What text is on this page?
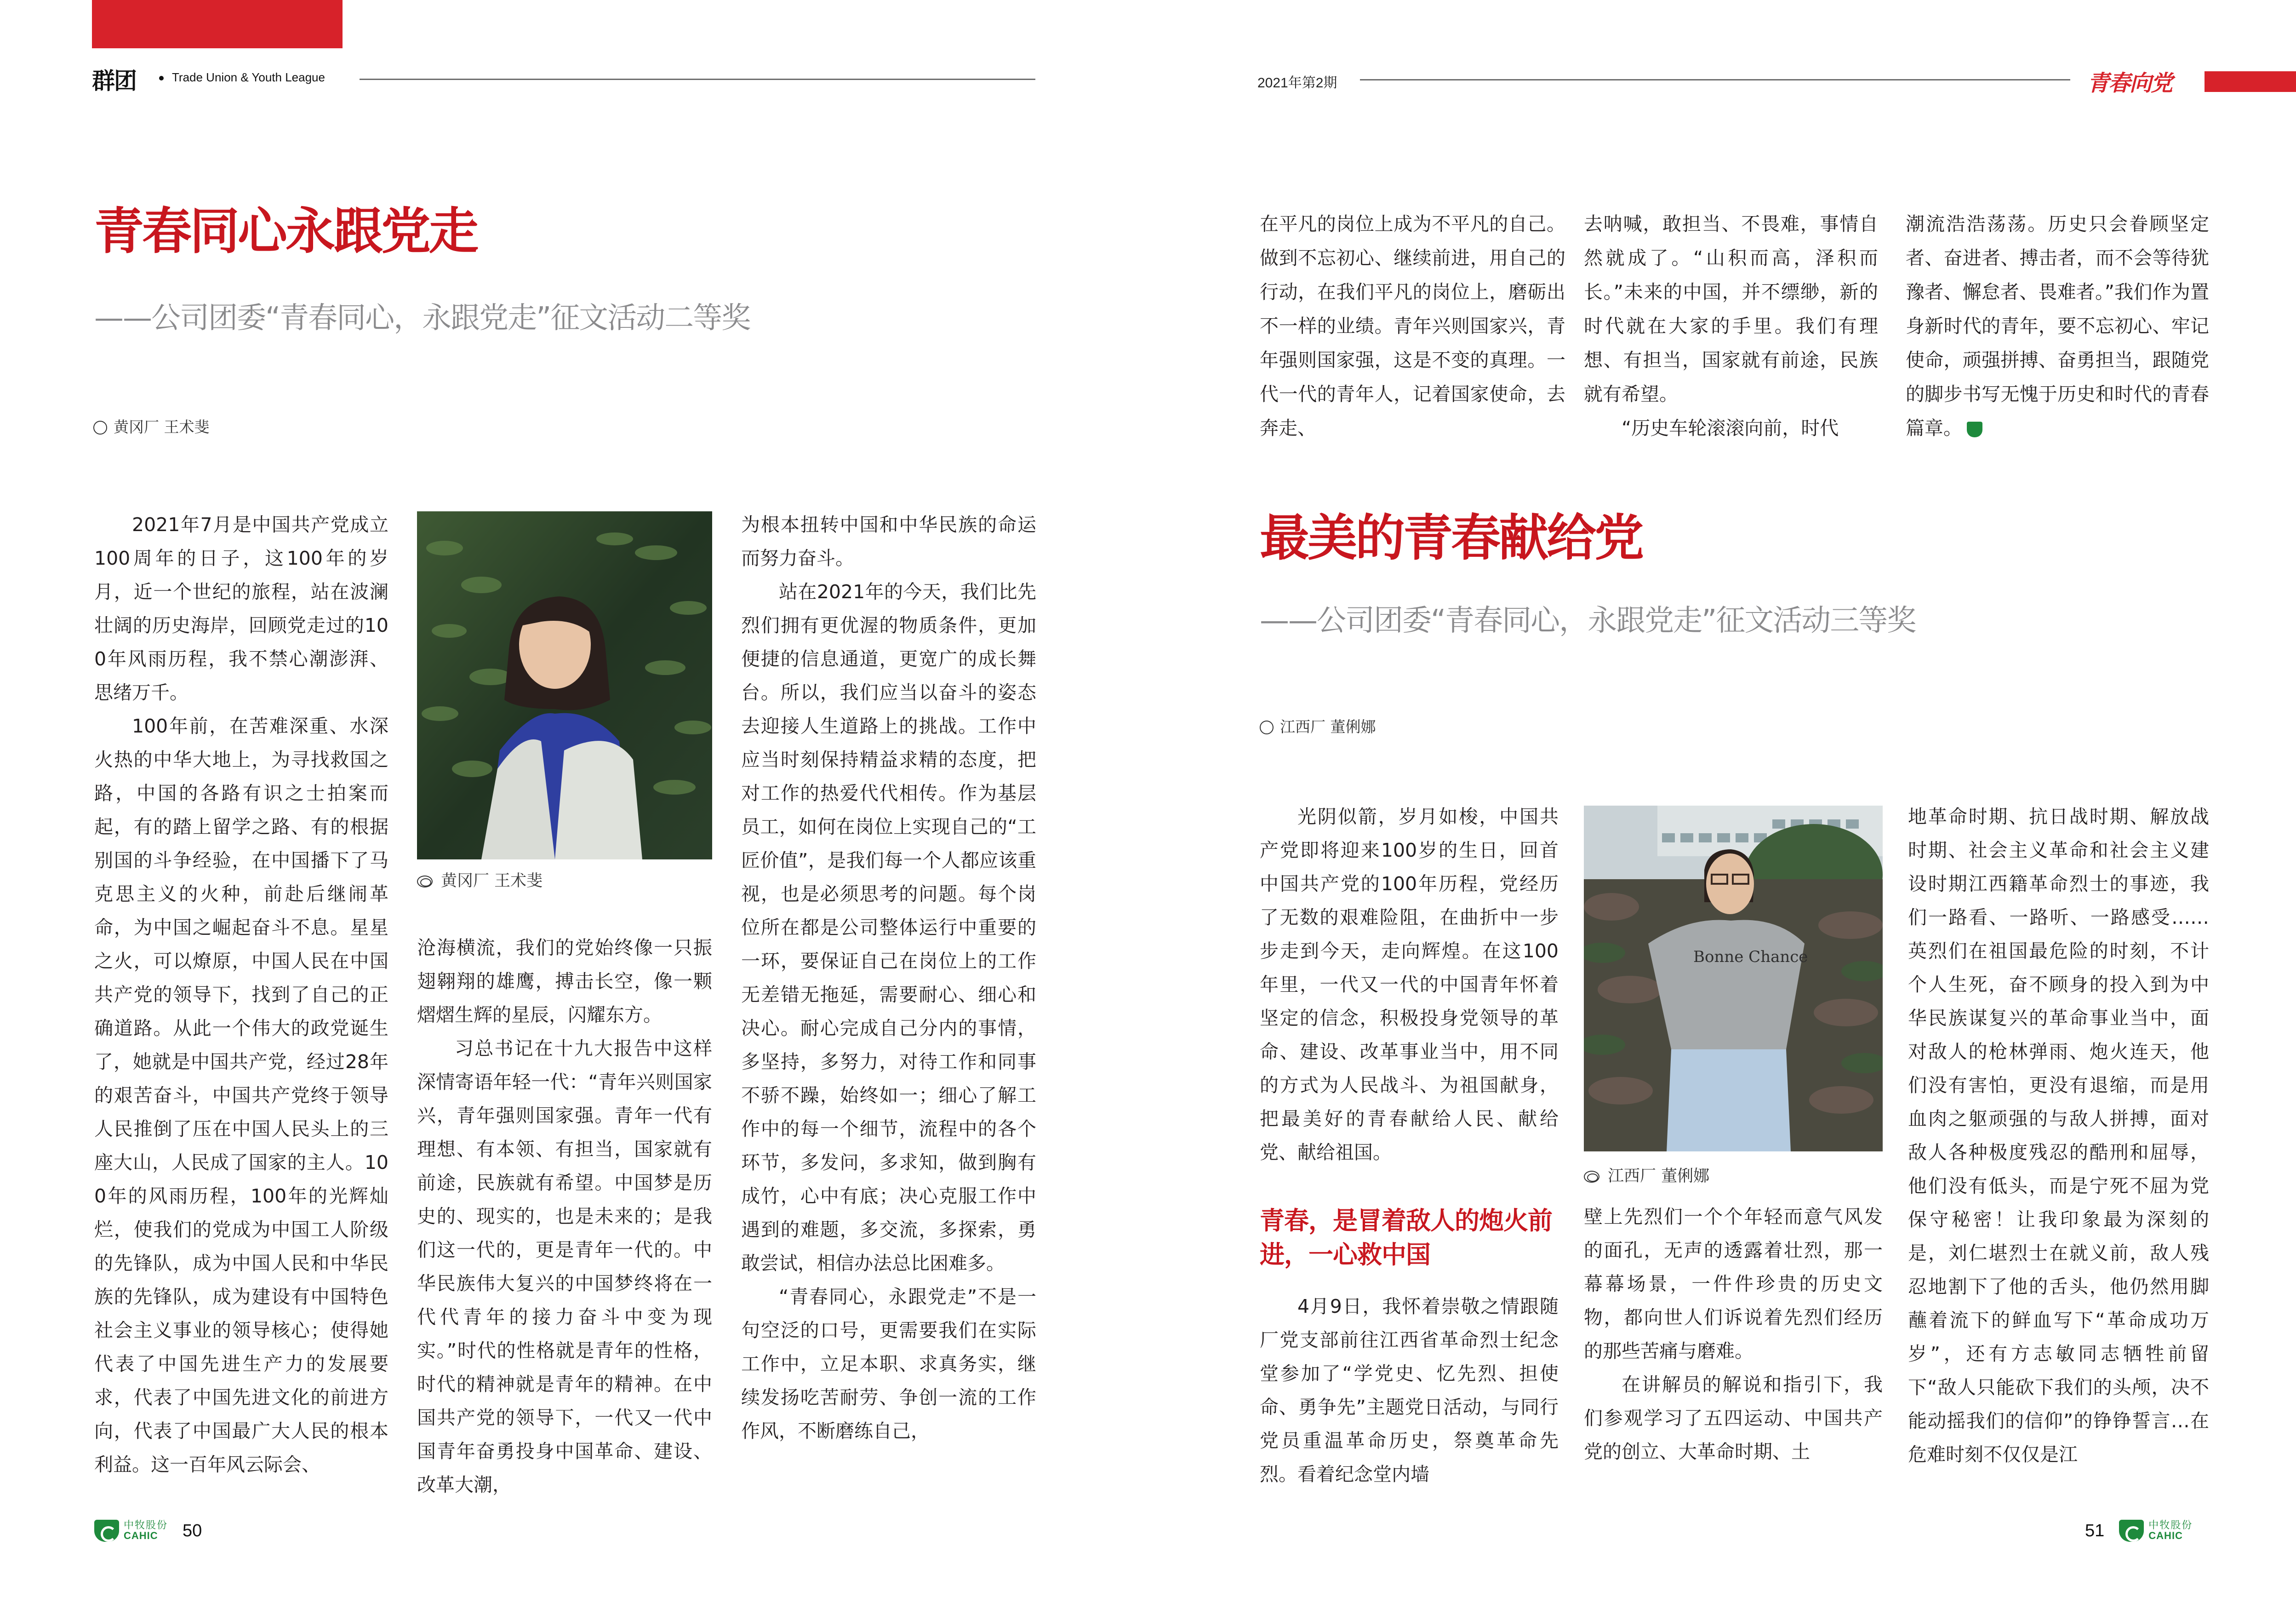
群团	Trade Union & Youth League	2021年第2期	青春向党
青春同心永跟党走
——公司团委“青春同心，永跟党走”征文活动二等奖
黄冈厂 王术斐

2021年7月是中国共产党成立100周年的日子，这100年的岁月，近一个世纪的旅程，站在波澜壮阔的历史海岸，回顾党走过的100年风雨历程，我不禁心潮澎湃、思绪万千。

100年前，在苦难深重、水深火热的中华大地上，为寻找救国之路，中国的各路有识之士拍案而起，有的踏上留学之路、有的根据别国的斗争经验，在中国播下了马克思主义的火种，前赴后继闹革命，为中国之崛起奋斗不息。星星之火，可以燎原，中国人民在中国共产党的领导下，找到了自己的正确道路。从此一个伟大的政党诞生了，她就是中国共产党，经过28年的艰苦奋斗，中国共产党终于领导人民推倒了压在中国人民头上的三座大山，人民成了国家的主人。100年的风雨历程，100年的光辉灿烂，使我们的党成为中国工人阶级的先锋队，成为中国人民和中华民族的先锋队，成为建设有中国特色社会主义事业的领导核心；使得她代表了中国先进生产力的发展要求，代表了中国先进文化的前进方向，代表了中国最广大人民的根本利益。这一百年风云际会、

黄冈厂 王术斐

沧海横流，我们的党始终像一只振翅翱翔的雄鹰，搏击长空，像一颗熠熠生辉的星辰，闪耀东方。

习总书记在十九大报告中这样深情寄语年轻一代：“青年兴则国家兴，青年强则国家强。青年一代有理想、有本领、有担当，国家就有前途，民族就有希望。中国梦是历史的、现实的，也是未来的；是我们这一代的，更是青年一代的。中华民族伟大复兴的中国梦终将在一代代青年的接力奋斗中变为现实。”时代的性格就是青年的性格，时代的精神就是青年的精神。在中国共产党的领导下，一代又一代中国青年奋勇投身中国革命、建设、改革大潮，

为根本扭转中国和中华民族的命运而努力奋斗。

站在2021年的今天，我们比先烈们拥有更优渥的物质条件，更加便捷的信息通道，更宽广的成长舞台。所以，我们应当以奋斗的姿态去迎接人生道路上的挑战。工作中应当时刻保持精益求精的态度，把对工作的热爱代代相传。作为基层员工，如何在岗位上实现自己的“工匠价值”，是我们每一个人都应该重视，也是必须思考的问题。每个岗位所在都是公司整体运行中重要的一环，要保证自己在岗位上的工作无差错无拖延，需要耐心、细心和决心。耐心完成自己分内的事情，多坚持，多努力，对待工作和同事不骄不躁，始终如一；细心了解工作中的每一个细节，流程中的各个环节，多发问，多求知，做到胸有成竹，心中有底；决心克服工作中遇到的难题，多交流，多探索，勇敢尝试，相信办法总比困难多。

“青春同心，永跟党走”不是一句空泛的口号，更需要我们在实际工作中，立足本职、求真务实，继续发扬吃苦耐劳、争创一流的工作作风，不断磨练自己，

在平凡的岗位上成为不平凡的自己。做到不忘初心、继续前进，用自己的行动，在我们平凡的岗位上，磨砺出不一样的业绩。青年兴则国家兴，青年强则国家强，这是不变的真理。一代一代的青年人，记着国家使命，去奔走、

去呐喊，敢担当、不畏难，事情自然就成了。“山积而高，泽积而长。”未来的中国，并不缥缈，新的时代就在大家的手里。我们有理想、有担当，国家就有前途，民族就有希望。

“历史车轮滚滚向前，时代

潮流浩浩荡荡。历史只会眷顾坚定者、奋进者、搏击者，而不会等待犹豫者、懈怠者、畏难者。”我们作为置身新时代的青年，要不忘初心、牢记使命，顽强拼搏、奋勇担当，跟随党的脚步书写无愧于历史和时代的青春篇章。

最美的青春献给党
——公司团委“青春同心，永跟党走”征文活动三等奖
江西厂 董俐娜

光阴似箭，岁月如梭，中国共产党即将迎来100岁的生日，回首中国共产党的100年历程，党经历了无数的艰难险阻，在曲折中一步步走到今天，走向辉煌。在这100年里，一代又一代的中国青年怀着坚定的信念，积极投身党领导的革命、建设、改革事业当中，用不同的方式为人民战斗、为祖国献身，把最美好的青春献给人民、献给党、献给祖国。

青春，是冒着敌人的炮火前进，一心救中国

4月9日，我怀着崇敬之情跟随厂党支部前往江西省革命烈士纪念堂参加了“学党史、忆先烈、担使命、勇争先”主题党日活动，与同行党员重温革命历史，祭奠革命先烈。看着纪念堂内墙

Bonne Chance
江西厂 董俐娜

壁上先烈们一个个年轻而意气风发的面孔，无声的透露着壮烈，那一幕幕场景，一件件珍贵的历史文物，都向世人们诉说着先烈们经历的那些苦痛与磨难。

在讲解员的解说和指引下，我们参观学习了五四运动、中国共产党的创立、大革命时期、土

地革命时期、抗日战时期、解放战时期、社会主义革命和社会主义建设时期江西籍革命烈士的事迹，我们一路看、一路听、一路感受……英烈们在祖国最危险的时刻，不计个人生死，奋不顾身的投入到为中华民族谋复兴的革命事业当中，面对敌人的枪林弹雨、炮火连天，他们没有害怕，更没有退缩，而是用血肉之躯顽强的与敌人拼搏，面对敌人各种极度残忍的酷刑和屈辱，他们没有低头，而是宁死不屈为党保守秘密！让我印象最为深刻的是，刘仁堪烈士在就义前，敌人残忍地割下了他的舌头，他仍然用脚蘸着流下的鲜血写下“革命成功万岁”，还有方志敏同志牺牲前留下“敌人只能砍下我们的头颅，决不能动摇我们的信仰”的铮铮誓言…在危难时刻不仅仅是江

中牧股份
CAHIC	50	51	中牧股份
CAHIC
